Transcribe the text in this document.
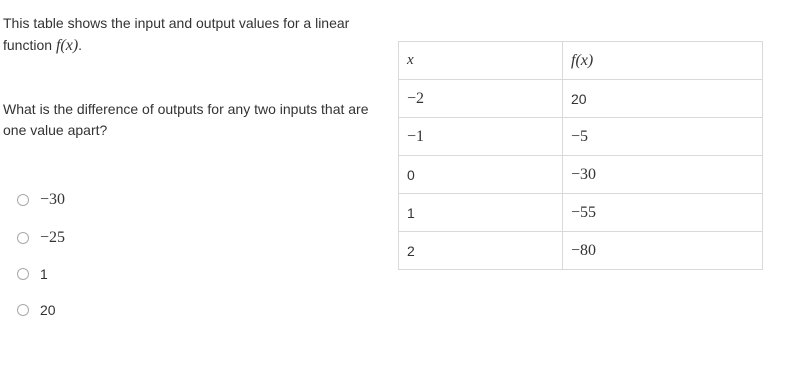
This table shows the input and output values for a linear
function f(x).
What is the difference of outputs for any two inputs that are one value apart?
−30
−25
1
20
x	f(x)
−2	20
−1	−5
0	−30
1	−55
2	−80
